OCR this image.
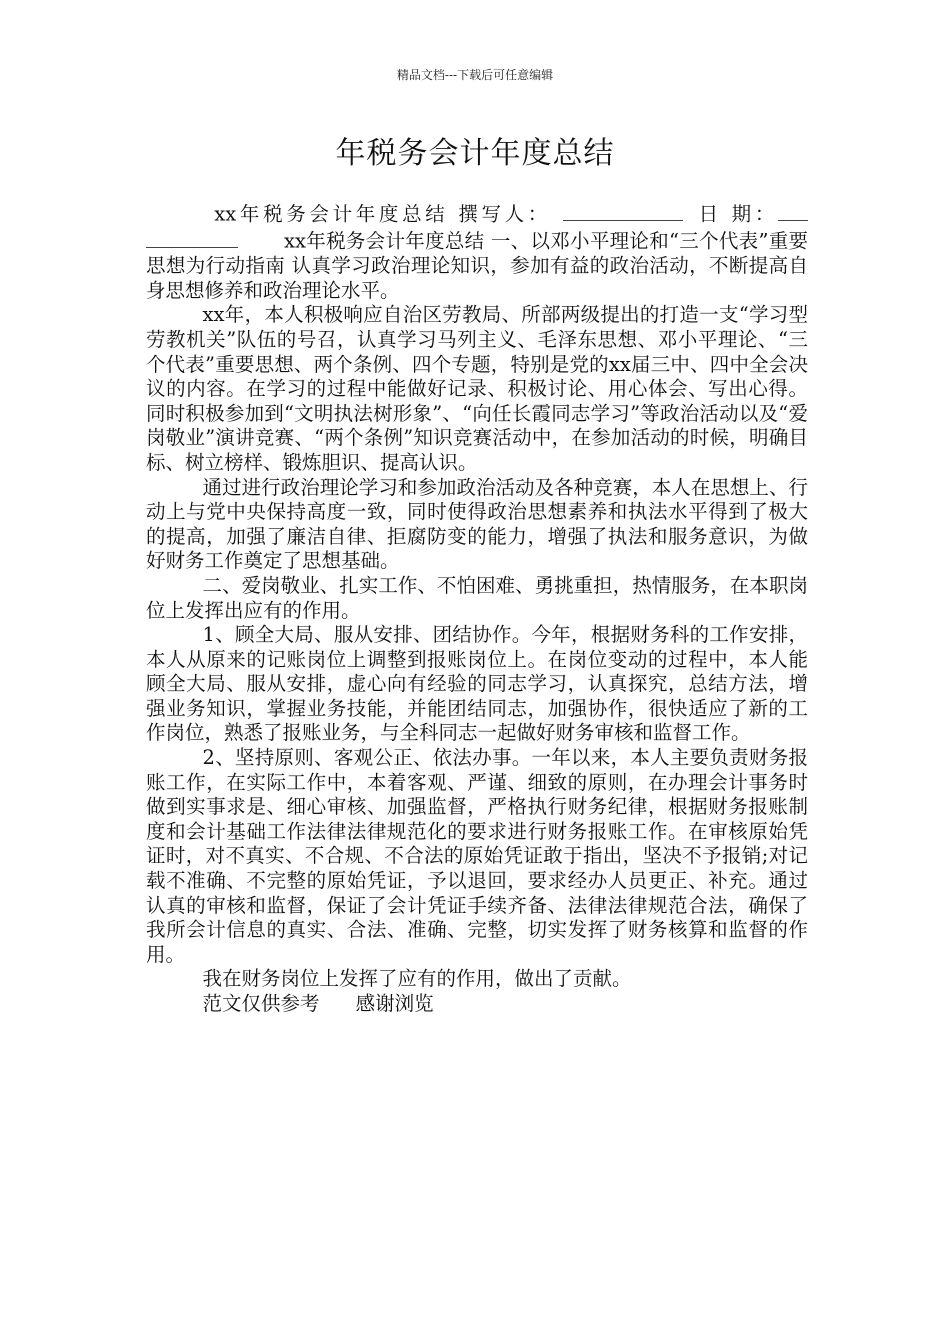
精品文档---下载后可任意编辑
年税务会计年度总结

xx年税务会计年度总结 撰写人：	日 期：xx年税务会计年度总结 一、以邓小平理论和“三个代表”重要思想为行动指南 认真学习政治理论知识，参加有益的政治活动，不断提高自身思想修养和政治理论水平。

xx年，本人积极响应自治区劳教局、所部两级提出的打造一支“学习型劳教机关”队伍的号召，认真学习马列主义、毛泽东思想、邓小平理论、“三个代表”重要思想、两个条例、四个专题，特别是党的xx届三中、四中全会决议的内容。在学习的过程中能做好记录、积极讨论、用心体会、写出心得。同时积极参加到“文明执法树形象”、“向任长霞同志学习”等政治活动以及“爱岗敬业”演讲竞赛、“两个条例”知识竞赛活动中，在参加活动的时候，明确目标、树立榜样、锻炼胆识、提高认识。

通过进行政治理论学习和参加政治活动及各种竞赛，本人在思想上、行动上与党中央保持高度一致，同时使得政治思想素养和执法水平得到了极大的提高，加强了廉洁自律、拒腐防变的能力，增强了执法和服务意识，为做好财务工作奠定了思想基础。

二、爱岗敬业、扎实工作、不怕困难、勇挑重担，热情服务，在本职岗位上发挥出应有的作用。

1、顾全大局、服从安排、团结协作。今年，根据财务科的工作安排，本人从原来的记账岗位上调整到报账岗位上。在岗位变动的过程中，本人能顾全大局、服从安排，虚心向有经验的同志学习，认真探究，总结方法，增强业务知识，掌握业务技能，并能团结同志，加强协作，很快适应了新的工作岗位，熟悉了报账业务，与全科同志一起做好财务审核和监督工作。

2、坚持原则、客观公正、依法办事。一年以来，本人主要负责财务报账工作，在实际工作中，本着客观、严谨、细致的原则，在办理会计事务时做到实事求是、细心审核、加强监督，严格执行财务纪律，根据财务报账制度和会计基础工作法律法律规范化的要求进行财务报账工作。在审核原始凭证时，对不真实、不合规、不合法的原始凭证敢于指出，坚决不予报销;对记载不准确、不完整的原始凭证，予以退回，要求经办人员更正、补充。通过认真的审核和监督，保证了会计凭证手续齐备、法律法律规范合法，确保了我所会计信息的真实、合法、准确、完整，切实发挥了财务核算和监督的作用。

我在财务岗位上发挥了应有的作用，做出了贡献。

范文仅供参考 感谢浏览
